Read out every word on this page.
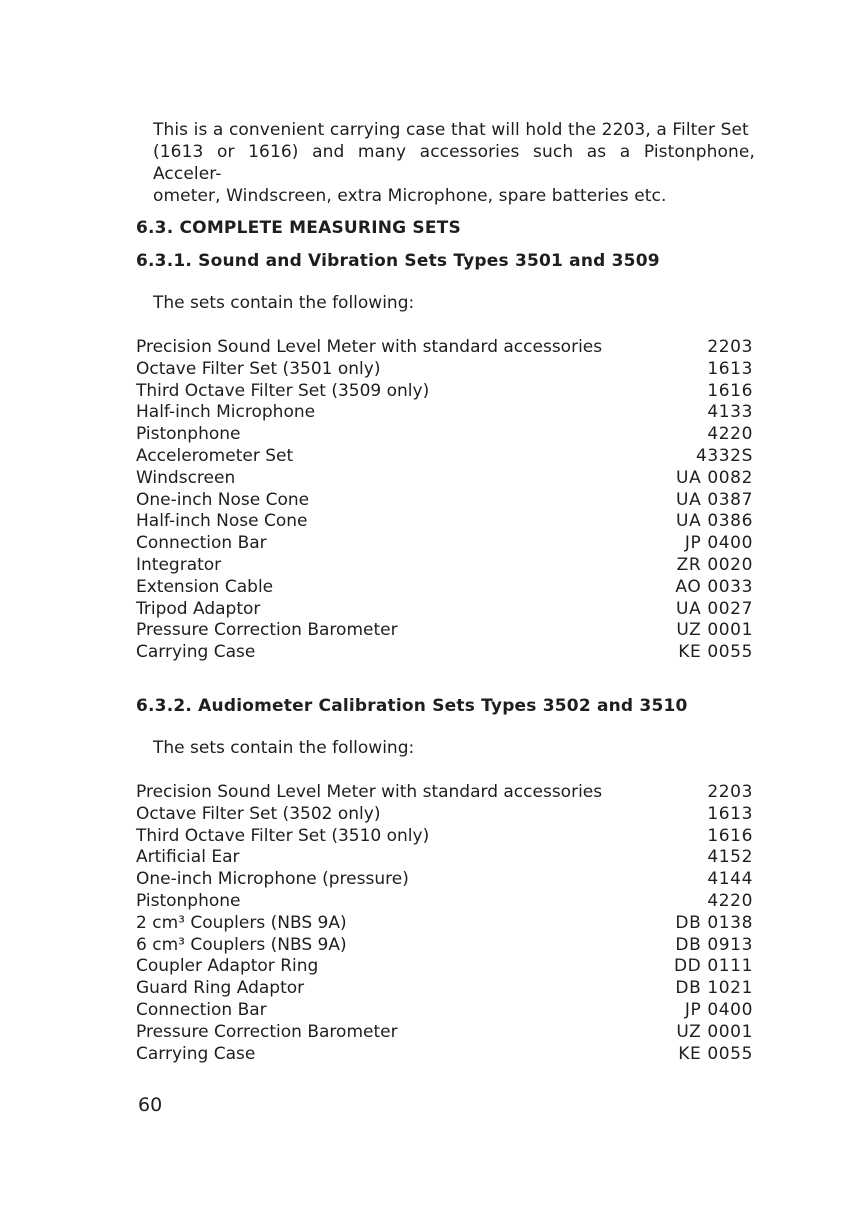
This is a convenient carrying case that will hold the 2203, a Filter Set
(1613 or 1616) and many accessories such as a Pistonphone, Acceler-
ometer, Windscreen, extra Microphone, spare batteries etc.
6.3. COMPLETE MEASURING SETS
6.3.1. Sound and Vibration Sets Types 3501 and 3509
The sets contain the following:
Precision Sound Level Meter with standard accessories	2203
Octave Filter Set (3501 only)	1613
Third Octave Filter Set (3509 only)	1616
Half-inch Microphone	4133
Pistonphone	4220
Accelerometer Set	4332S
Windscreen	UA 0082
One-inch Nose Cone	UA 0387
Half-inch Nose Cone	UA 0386
Connection Bar	JP 0400
Integrator	ZR 0020
Extension Cable	AO 0033
Tripod Adaptor	UA 0027
Pressure Correction Barometer	UZ 0001
Carrying Case	KE 0055
6.3.2. Audiometer Calibration Sets Types 3502 and 3510
The sets contain the following:
Precision Sound Level Meter with standard accessories	2203
Octave Filter Set (3502 only)	1613
Third Octave Filter Set (3510 only)	1616
Artificial Ear	4152
One-inch Microphone (pressure)	4144
Pistonphone	4220
2 cm³ Couplers (NBS 9A)	DB 0138
6 cm³ Couplers (NBS 9A)	DB 0913
Coupler Adaptor Ring	DD 0111
Guard Ring Adaptor	DB 1021
Connection Bar	JP 0400
Pressure Correction Barometer	UZ 0001
Carrying Case	KE 0055
60
